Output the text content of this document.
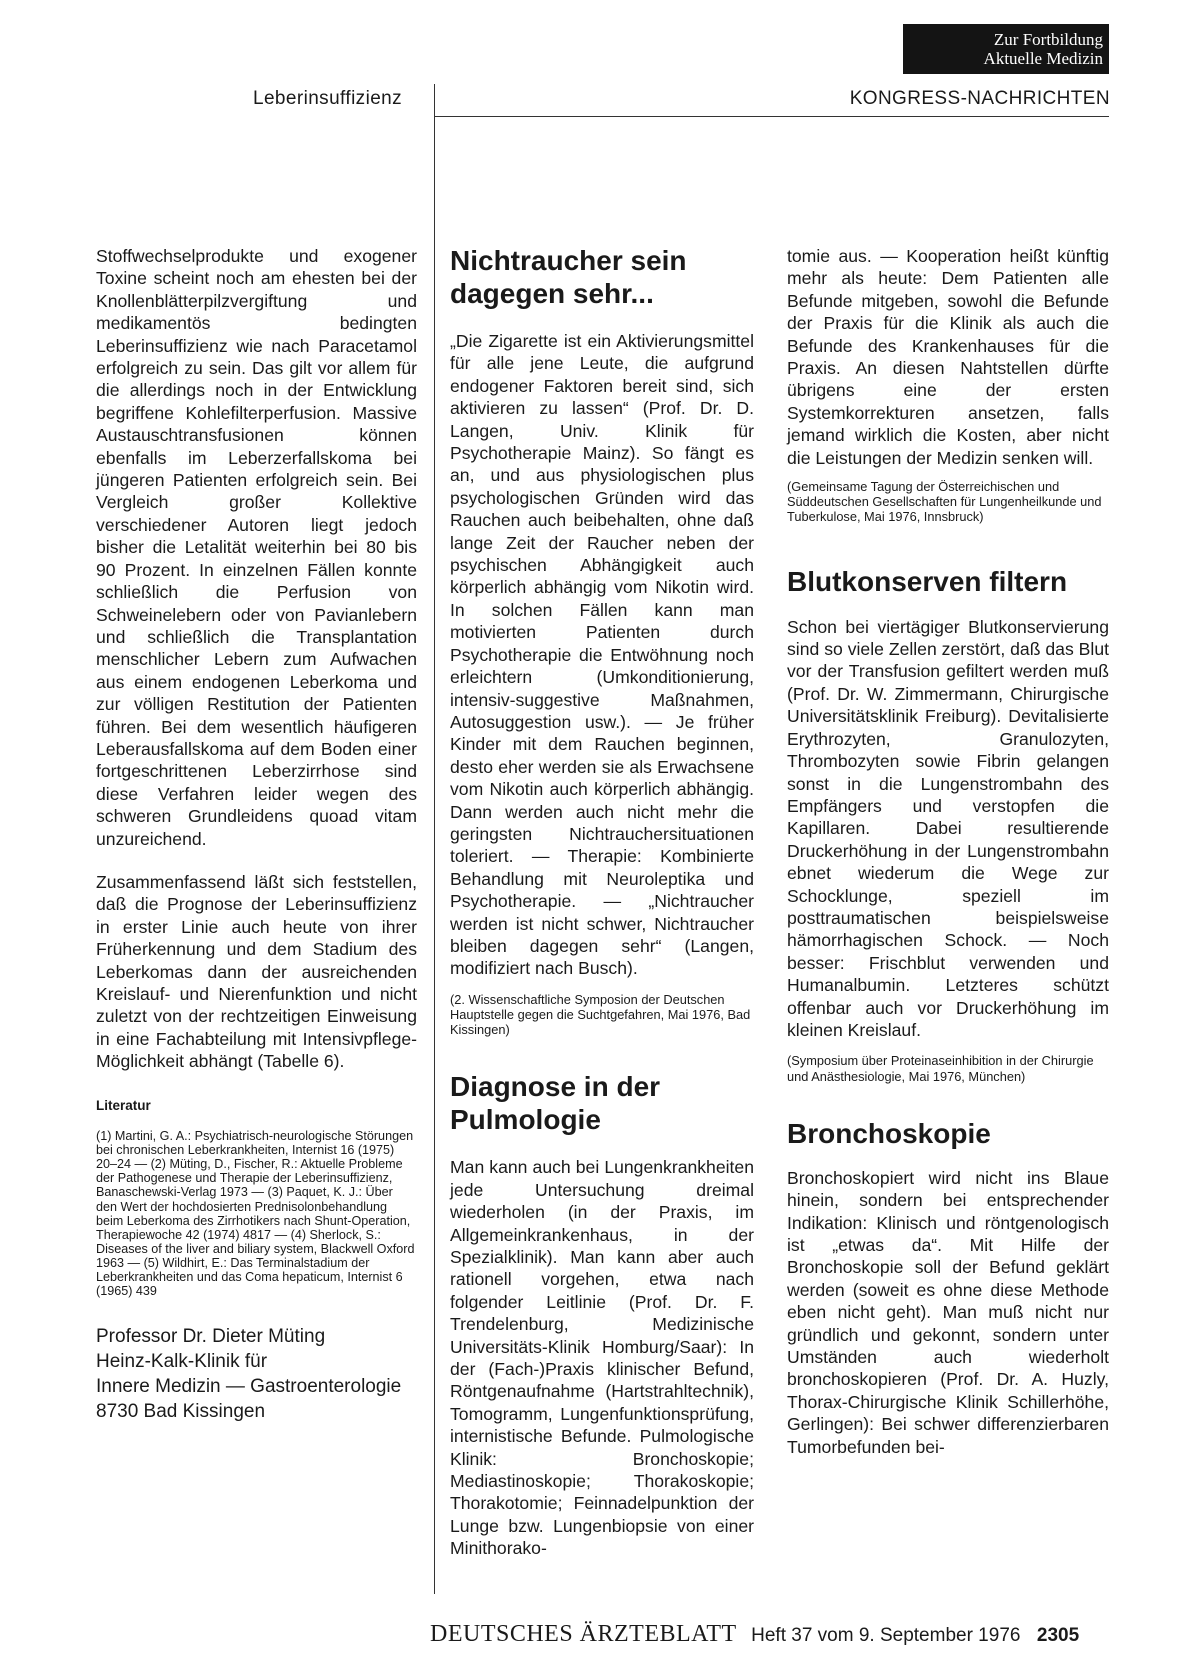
Zur Fortbildung
Aktuelle Medizin
Leberinsuffizienz	KONGRESS-NACHRICHTEN

Stoffwechselprodukte und exogener Toxine scheint noch am ehesten bei der Knollenblätterpilzvergiftung und medikamentös bedingten Leberinsuffizienz wie nach Paracetamol erfolgreich zu sein. Das gilt vor allem für die allerdings noch in der Entwicklung begriffene Kohlefilterperfusion. Massive Austauschtransfusionen können ebenfalls im Leberzerfallskoma bei jüngeren Patienten erfolgreich sein. Bei Vergleich großer Kollektive verschiedener Autoren liegt jedoch bisher die Letalität weiterhin bei 80 bis 90 Prozent. In einzelnen Fällen konnte schließlich die Perfusion von Schweinelebern oder von Pavianlebern und schließlich die Transplantation menschlicher Lebern zum Aufwachen aus einem endogenen Leberkoma und zur völligen Restitution der Patienten führen. Bei dem wesentlich häufigeren Leberausfallskoma auf dem Boden einer fortgeschrittenen Leberzirrhose sind diese Verfahren leider wegen des schweren Grundleidens quoad vitam unzureichend.

Zusammenfassend läßt sich feststellen, daß die Prognose der Leberinsuffizienz in erster Linie auch heute von ihrer Früherkennung und dem Stadium des Leberkomas dann der ausreichenden Kreislauf- und Nierenfunktion und nicht zuletzt von der rechtzeitigen Einweisung in eine Fachabteilung mit Intensivpflege-Möglichkeit abhängt (Tabelle 6).

Literatur
(1) Martini, G. A.: Psychiatrisch-neurologische Störungen bei chronischen Leberkrankheiten, Internist 16 (1975) 20–24 — (2) Müting, D., Fischer, R.: Aktuelle Probleme der Pathogenese und Therapie der Leberinsuffizienz, Banaschewski-Verlag 1973 — (3) Paquet, K. J.: Über den Wert der hochdosierten Prednisolonbehandlung beim Leberkoma des Zirrhotikers nach Shunt-Operation, Therapiewoche 42 (1974) 4817 — (4) Sherlock, S.: Diseases of the liver and biliary system, Blackwell Oxford 1963 — (5) Wildhirt, E.: Das Terminalstadium der Leberkrankheiten und das Coma hepaticum, Internist 6 (1965) 439
Professor Dr. Dieter Müting
Heinz-Kalk-Klinik für
Innere Medizin — Gastroenterologie
8730 Bad Kissingen
Nichtraucher sein dagegen sehr...

„Die Zigarette ist ein Aktivierungsmittel für alle jene Leute, die aufgrund endogener Faktoren bereit sind, sich aktivieren zu lassen“ (Prof. Dr. D. Langen, Univ. Klinik für Psychotherapie Mainz). So fängt es an, und aus physiologischen plus psychologischen Gründen wird das Rauchen auch beibehalten, ohne daß lange Zeit der Raucher neben der psychischen Abhängigkeit auch körperlich abhängig vom Nikotin wird. In solchen Fällen kann man motivierten Patienten durch Psychotherapie die Entwöhnung noch erleichtern (Umkonditionierung, intensiv-suggestive Maßnahmen, Autosuggestion usw.). — Je früher Kinder mit dem Rauchen beginnen, desto eher werden sie als Erwachsene vom Nikotin auch körperlich abhängig. Dann werden auch nicht mehr die geringsten Nichtrauchersituationen toleriert. — Therapie: Kombinierte Behandlung mit Neuroleptika und Psychotherapie. — „Nichtraucher werden ist nicht schwer, Nichtraucher bleiben dagegen sehr“ (Langen, modifiziert nach Busch).

(2. Wissenschaftliche Symposion der Deutschen Hauptstelle gegen die Suchtgefahren, Mai 1976, Bad Kissingen)

Diagnose in der Pulmologie

Man kann auch bei Lungenkrankheiten jede Untersuchung dreimal wiederholen (in der Praxis, im Allgemeinkrankenhaus, in der Spezialklinik). Man kann aber auch rationell vorgehen, etwa nach folgender Leitlinie (Prof. Dr. F. Trendelenburg, Medizinische Universitäts-Klinik Homburg/Saar): In der (Fach-)Praxis klinischer Befund, Röntgenaufnahme (Hartstrahltechnik), Tomogramm, Lungenfunktionsprüfung, internistische Befunde. Pulmologische Klinik: Bronchoskopie; Mediastinoskopie; Thorakoskopie; Thorakotomie; Feinnadelpunktion der Lunge bzw. Lungenbiopsie von einer Minithorako-

tomie aus. — Kooperation heißt künftig mehr als heute: Dem Patienten alle Befunde mitgeben, sowohl die Befunde der Praxis für die Klinik als auch die Befunde des Krankenhauses für die Praxis. An diesen Nahtstellen dürfte übrigens eine der ersten Systemkorrekturen ansetzen, falls jemand wirklich die Kosten, aber nicht die Leistungen der Medizin senken will.

(Gemeinsame Tagung der Österreichischen und Süddeutschen Gesellschaften für Lungenheilkunde und Tuberkulose, Mai 1976, Innsbruck)

Blutkonserven filtern

Schon bei viertägiger Blutkonservierung sind so viele Zellen zerstört, daß das Blut vor der Transfusion gefiltert werden muß (Prof. Dr. W. Zimmermann, Chirurgische Universitätsklinik Freiburg). Devitalisierte Erythrozyten, Granulozyten, Thrombozyten sowie Fibrin gelangen sonst in die Lungenstrombahn des Empfängers und verstopfen die Kapillaren. Dabei resultierende Druckerhöhung in der Lungenstrombahn ebnet wiederum die Wege zur Schocklunge, speziell im posttraumatischen beispielsweise hämorrhagischen Schock. — Noch besser: Frischblut verwenden und Humanalbumin. Letzteres schützt offenbar auch vor Druckerhöhung im kleinen Kreislauf.

(Symposium über Proteinaseinhibition in der Chirurgie und Anästhesiologie, Mai 1976, München)

Bronchoskopie

Bronchoskopiert wird nicht ins Blaue hinein, sondern bei entsprechender Indikation: Klinisch und röntgenologisch ist „etwas da“. Mit Hilfe der Bronchoskopie soll der Befund geklärt werden (soweit es ohne diese Methode eben nicht geht). Man muß nicht nur gründlich und gekonnt, sondern unter Umständen auch wiederholt bronchoskopieren (Prof. Dr. A. Huzly, Thorax-Chirurgische Klinik Schillerhöhe, Gerlingen): Bei schwer differenzierbaren Tumorbefunden bei-

DEUTSCHES ÄRZTEBLATT Heft 37 vom 9. September 1976 2305
